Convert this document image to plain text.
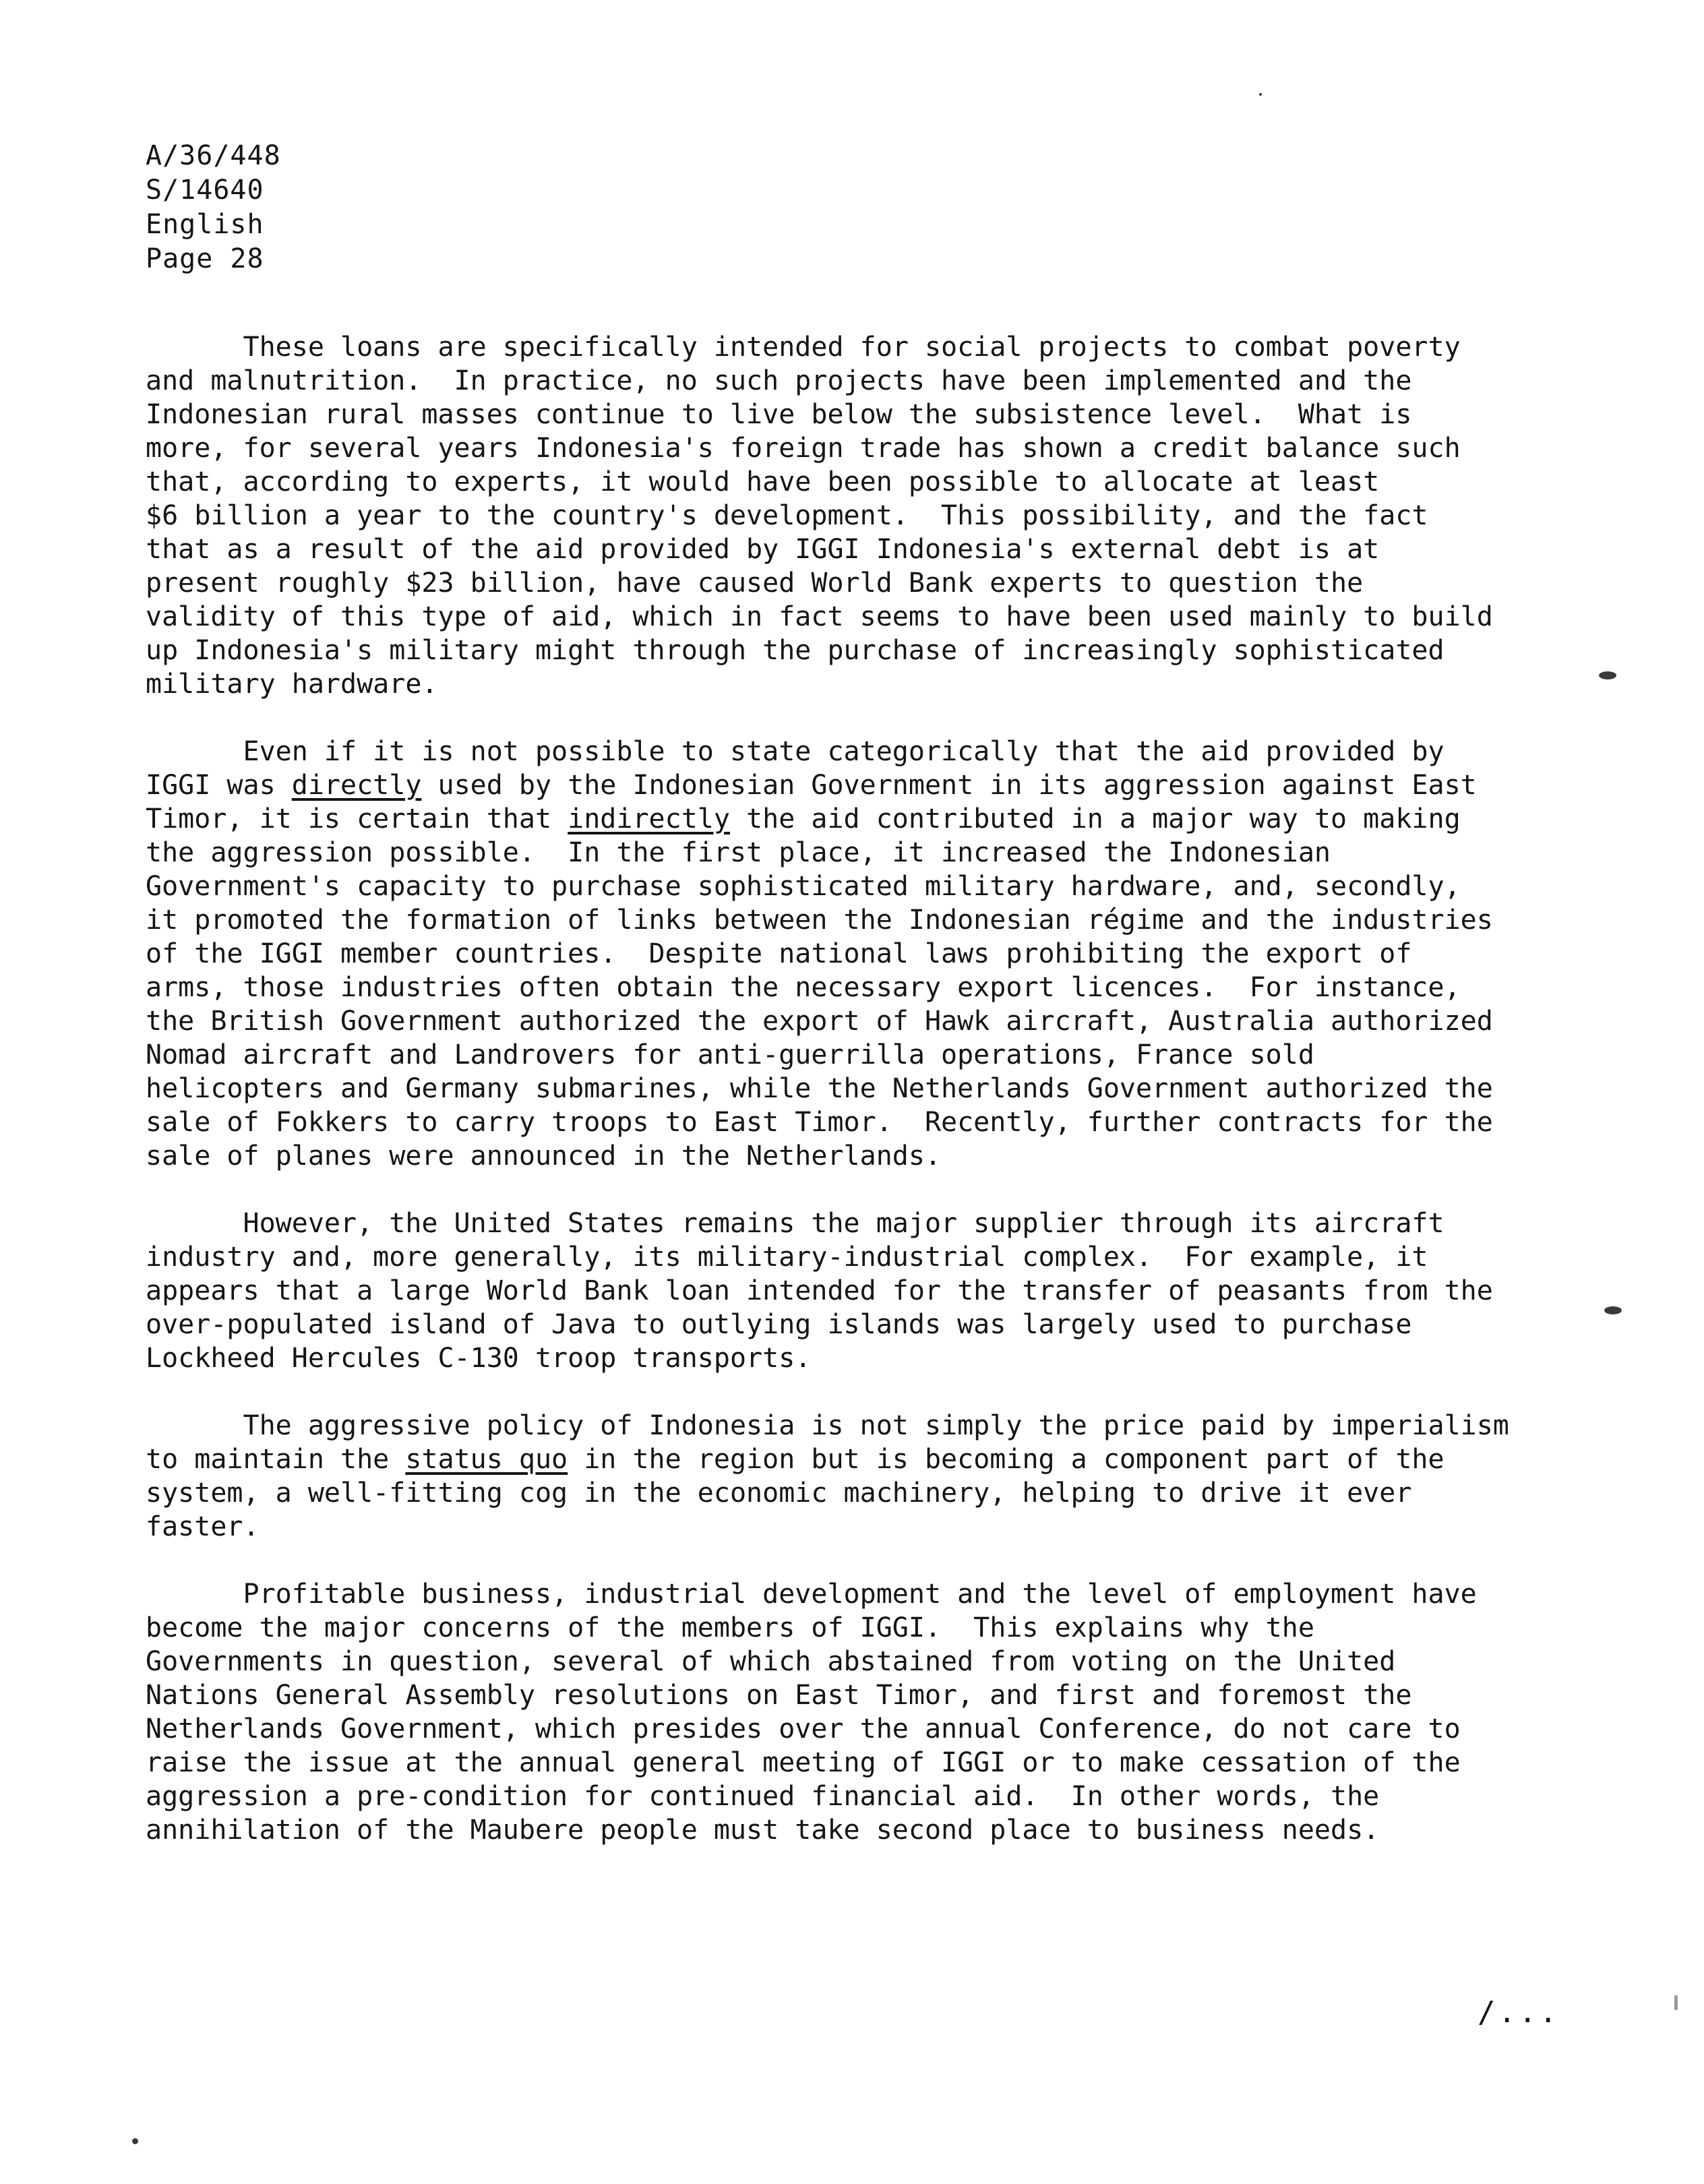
A/36/448
S/14640
English
Page 28
These loans are specifically intended for social projects to combat poverty
and malnutrition.  In practice, no such projects have been implemented and the
Indonesian rural masses continue to live below the subsistence level.  What is
more, for several years Indonesia's foreign trade has shown a credit balance such
that, according to experts, it would have been possible to allocate at least
$6 billion a year to the country's development.  This possibility, and the fact
that as a result of the aid provided by IGGI Indonesia's external debt is at
present roughly $23 billion, have caused World Bank experts to question the
validity of this type of aid, which in fact seems to have been used mainly to build
up Indonesia's military might through the purchase of increasingly sophisticated
military hardware.
Even if it is not possible to state categorically that the aid provided by
IGGI was directly used by the Indonesian Government in its aggression against East
Timor, it is certain that indirectly the aid contributed in a major way to making
the aggression possible.  In the first place, it increased the Indonesian
Government's capacity to purchase sophisticated military hardware, and, secondly,
it promoted the formation of links between the Indonesian régime and the industries
of the IGGI member countries.  Despite national laws prohibiting the export of
arms, those industries often obtain the necessary export licences.  For instance,
the British Government authorized the export of Hawk aircraft, Australia authorized
Nomad aircraft and Landrovers for anti-guerrilla operations, France sold
helicopters and Germany submarines, while the Netherlands Government authorized the
sale of Fokkers to carry troops to East Timor.  Recently, further contracts for the
sale of planes were announced in the Netherlands.
However, the United States remains the major supplier through its aircraft
industry and, more generally, its military-industrial complex.  For example, it
appears that a large World Bank loan intended for the transfer of peasants from the
over-populated island of Java to outlying islands was largely used to purchase
Lockheed Hercules C-130 troop transports.
The aggressive policy of Indonesia is not simply the price paid by imperialism
to maintain the status quo in the region but is becoming a component part of the
system, a well-fitting cog in the economic machinery, helping to drive it ever
faster.
Profitable business, industrial development and the level of employment have
become the major concerns of the members of IGGI.  This explains why the
Governments in question, several of which abstained from voting on the United
Nations General Assembly resolutions on East Timor, and first and foremost the
Netherlands Government, which presides over the annual Conference, do not care to
raise the issue at the annual general meeting of IGGI or to make cessation of the
aggression a pre-condition for continued financial aid.  In other words, the
annihilation of the Maubere people must take second place to business needs.
/...
